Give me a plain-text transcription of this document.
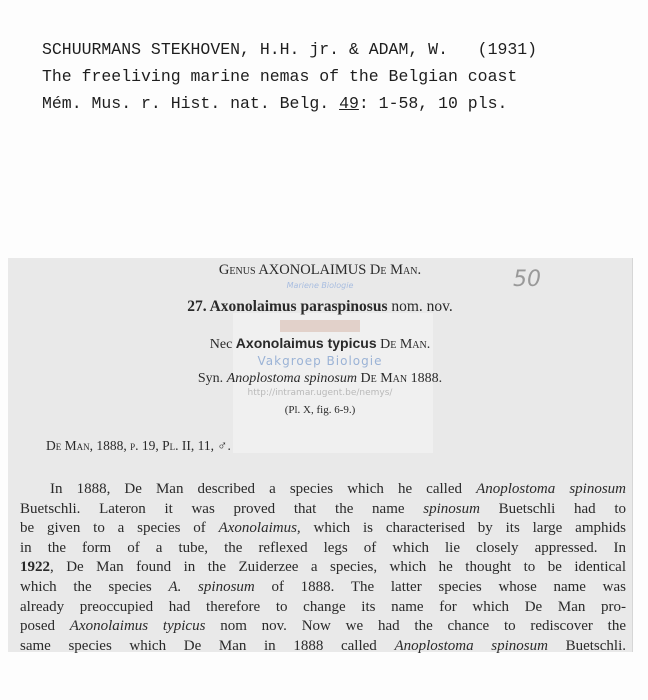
SCHUURMANS STEKHOVEN, H.H. jr. & ADAM, W.   (1931)
The freeliving marine nemas of the Belgian coast
Mém. Mus. r. Hist. nat. Belg. 49: 1-58, 10 pls.
Mariene Biologie
Vakgroep Biologie
http://intramar.ugent.be/nemys/
50
Genus AXONOLAIMUS De Man.
27. Axonolaimus paraspinosus nom. nov.
Nec Axonolaimus typicus De Man.
Syn. Anoplostoma spinosum De Man 1888.
(Pl. X, fig. 6-9.)
De Man, 1888, p. 19, Pl. II, 11, ♂.
In 1888, De Man described a species which he called Anoplostoma spinosum
Buetschli. Lateron it was proved that the name spinosum Buetschli had to
be given to a species of Axonolaimus, which is characterised by its large amphids
in the form of a tube, the reflexed legs of which lie closely appressed. In
1922, De Man found in the Zuiderzee a species, which he thought to be identical
which the species A. spinosum of 1888. The latter species whose name was
already preoccupied had therefore to change its name for which De Man pro-
posed Axonolaimus typicus nom nov. Now we had the chance to rediscover the
same species which De Man in 1888 called Anoplostoma spinosum Buetschli.
